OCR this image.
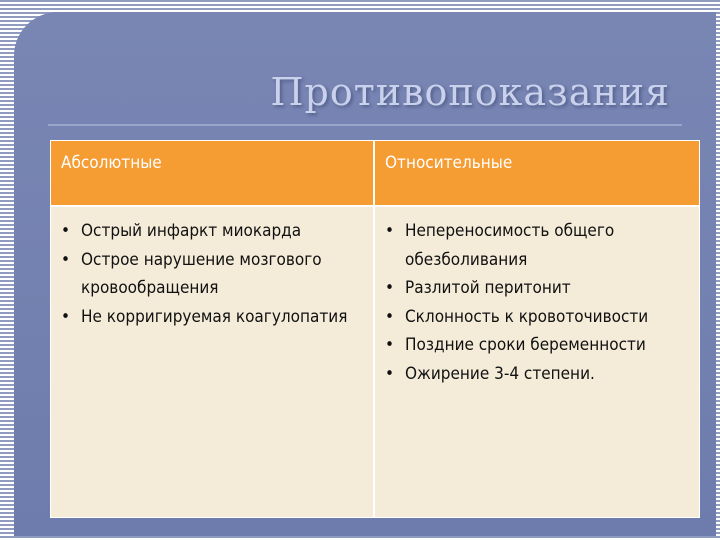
Противопоказания
Абсолютные	Относительные
• Острый инфаркт миокарда
• Острое нарушение мозгового кровообращения
• Не корригируемая коагулопатия
• Непереносимость общего обезболивания
• Разлитой перитонит
• Склонность к кровоточивости
• Поздние сроки беременности
• Ожирение 3-4 степени.
